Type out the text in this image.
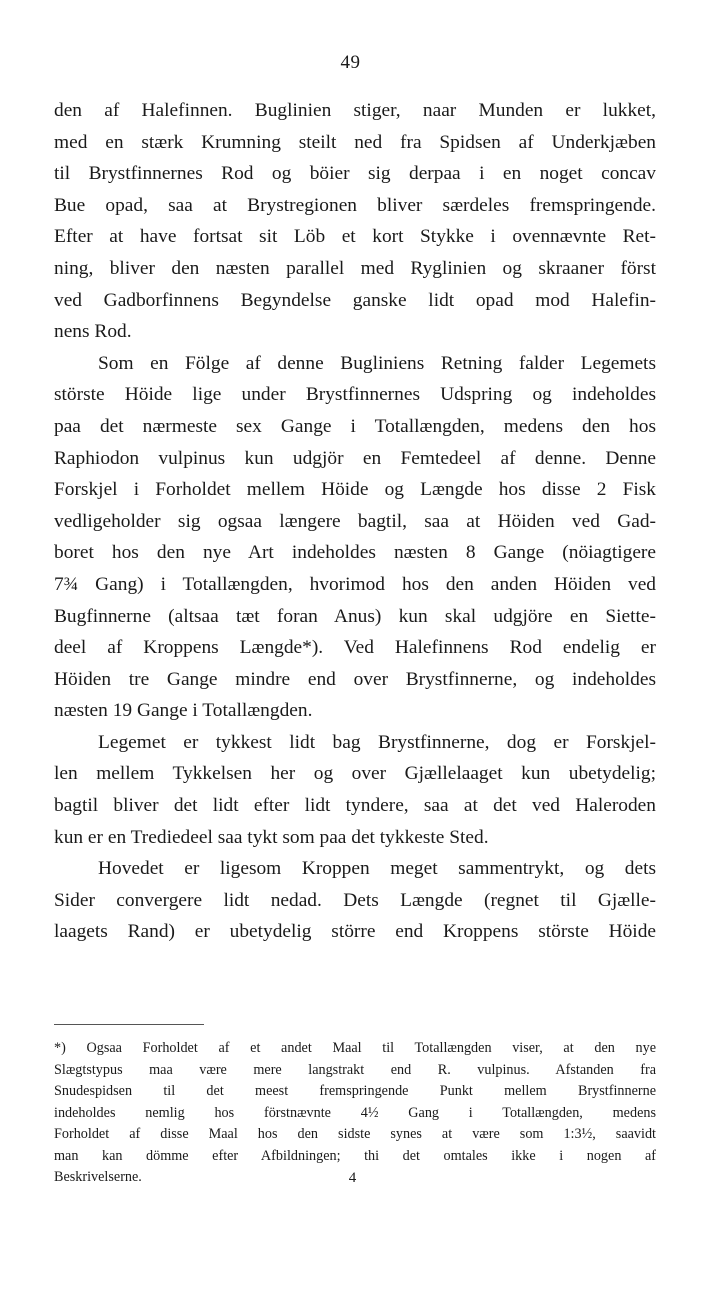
49
den af Halefinnen. Buglinien stiger, naar Munden er lukket,
med en stærk Krumning steilt ned fra Spidsen af Underkjæben
til Brystfinnernes Rod og böier sig derpaa i en noget concav
Bue opad, saa at Brystregionen bliver særdeles fremspringende.
Efter at have fortsat sit Löb et kort Stykke i ovennævnte Ret-
ning, bliver den næsten parallel med Ryglinien og skraaner först
ved Gadborfinnens Begyndelse ganske lidt opad mod Halefin-
nens Rod.
Som en Fölge af denne Bugliniens Retning falder Legemets
störste Höide lige under Brystfinnernes Udspring og indeholdes
paa det nærmeste sex Gange i Totallængden, medens den hos
Raphiodon vulpinus kun udgjör en Femtedeel af denne. Denne
Forskjel i Forholdet mellem Höide og Længde hos disse 2 Fisk
vedligeholder sig ogsaa længere bagtil, saa at Höiden ved Gad-
boret hos den nye Art indeholdes næsten 8 Gange (nöiagtigere
7¾ Gang) i Totallængden, hvorimod hos den anden Höiden ved
Bugfinnerne (altsaa tæt foran Anus) kun skal udgjöre en Siette-
deel af Kroppens Længde*). Ved Halefinnens Rod endelig er
Höiden tre Gange mindre end over Brystfinnerne, og indeholdes
næsten 19 Gange i Totallængden.
Legemet er tykkest lidt bag Brystfinnerne, dog er Forskjel-
len mellem Tykkelsen her og over Gjællelaaget kun ubetydelig;
bagtil bliver det lidt efter lidt tyndere, saa at det ved Haleroden
kun er en Trediedeel saa tykt som paa det tykkeste Sted.
Hovedet er ligesom Kroppen meget sammentrykt, og dets
Sider convergere lidt nedad. Dets Længde (regnet til Gjælle-
laagets Rand) er ubetydelig större end Kroppens störste Höide
*) Ogsaa Forholdet af et andet Maal til Totallængden viser, at den nye
Slægtstypus maa være mere langstrakt end R. vulpinus. Afstanden fra
Snudespidsen til det meest fremspringende Punkt mellem Brystfinnerne
indeholdes nemlig hos förstnævnte 4½ Gang i Totallængden, medens
Forholdet af disse Maal hos den sidste synes at være som 1:3½, saavidt
man kan dömme efter Afbildningen; thi det omtales ikke i nogen af
Beskrivelserne.	4
